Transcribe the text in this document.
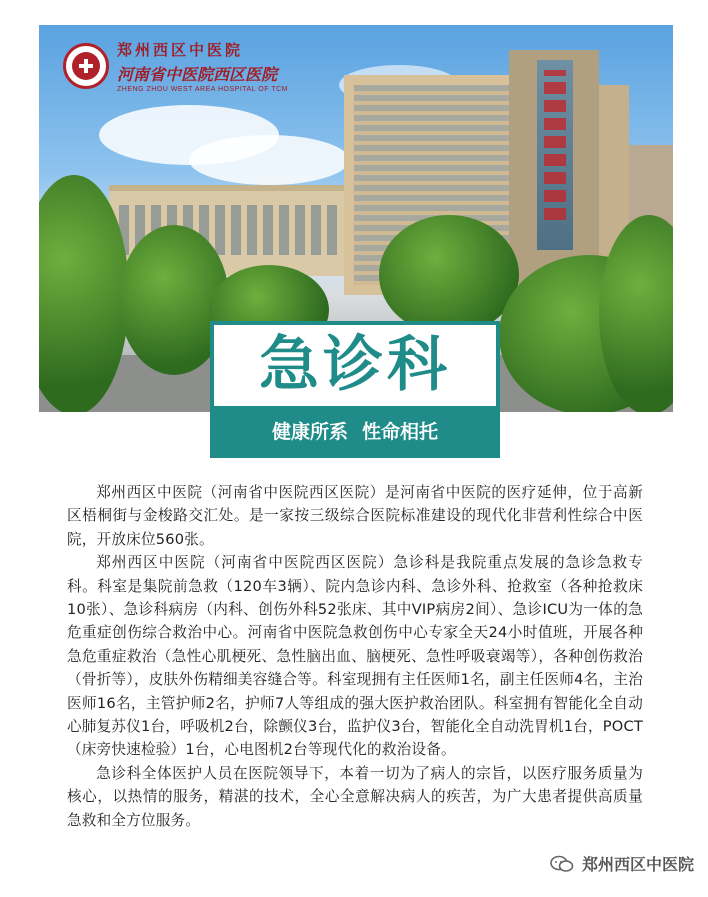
郑州西区中医院
河南省中医院西区医院
ZHENG ZHOU WEST AREA HOSPITAL OF TCM
急诊科
健康所系 性命相托

郑州西区中医院（河南省中医院西区医院）是河南省中医院的医疗延伸，位于高新区梧桐街与金梭路交汇处。是一家按三级综合医院标准建设的现代化非营利性综合中医院，开放床位560张。

郑州西区中医院（河南省中医院西区医院）急诊科是我院重点发展的急诊急救专科。科室是集院前急救（120车3辆）、院内急诊内科、急诊外科、抢救室（各种抢救床10张）、急诊科病房（内科、创伤外科52张床、其中VIP病房2间）、急诊ICU为一体的急危重症创伤综合救治中心。河南省中医院急救创伤中心专家全天24小时值班，开展各种急危重症救治（急性心肌梗死、急性脑出血、脑梗死、急性呼吸衰竭等），各种创伤救治（骨折等），皮肤外伤精细美容缝合等。科室现拥有主任医师1名，副主任医师4名，主治医师16名，主管护师2名，护师7人等组成的强大医护救治团队。科室拥有智能化全自动心肺复苏仪1台，呼吸机2台，除颤仪3台，监护仪3台，智能化全自动洗胃机1台，POCT（床旁快速检验）1台，心电图机2台等现代化的救治设备。

急诊科全体医护人员在医院领导下，本着一切为了病人的宗旨，以医疗服务质量为核心，以热情的服务，精湛的技术，全心全意解决病人的疾苦，为广大患者提供高质量急救和全方位服务。

郑州西区中医院
